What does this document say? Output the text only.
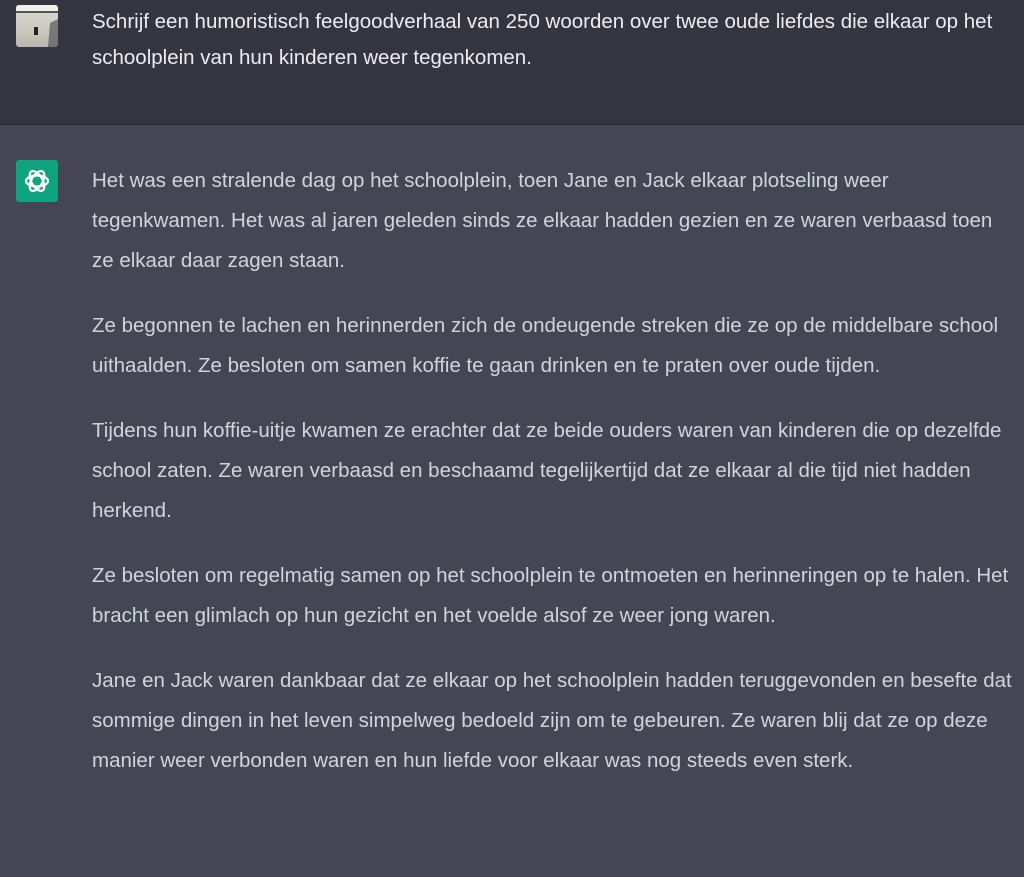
Schrijf een humoristisch feelgoodverhaal van 250 woorden over twee oude liefdes die elkaar op het schoolplein van hun kinderen weer tegenkomen.

Het was een stralende dag op het schoolplein, toen Jane en Jack elkaar plotseling weer tegenkwamen. Het was al jaren geleden sinds ze elkaar hadden gezien en ze waren verbaasd toen ze elkaar daar zagen staan.

Ze begonnen te lachen en herinnerden zich de ondeugende streken die ze op de middelbare school uithaalden. Ze besloten om samen koffie te gaan drinken en te praten over oude tijden.

Tijdens hun koffie-uitje kwamen ze erachter dat ze beide ouders waren van kinderen die op dezelfde school zaten. Ze waren verbaasd en beschaamd tegelijkertijd dat ze elkaar al die tijd niet hadden herkend.

Ze besloten om regelmatig samen op het schoolplein te ontmoeten en herinneringen op te halen. Het bracht een glimlach op hun gezicht en het voelde alsof ze weer jong waren.

Jane en Jack waren dankbaar dat ze elkaar op het schoolplein hadden teruggevonden en besefte dat sommige dingen in het leven simpelweg bedoeld zijn om te gebeuren. Ze waren blij dat ze op deze manier weer verbonden waren en hun liefde voor elkaar was nog steeds even sterk.
